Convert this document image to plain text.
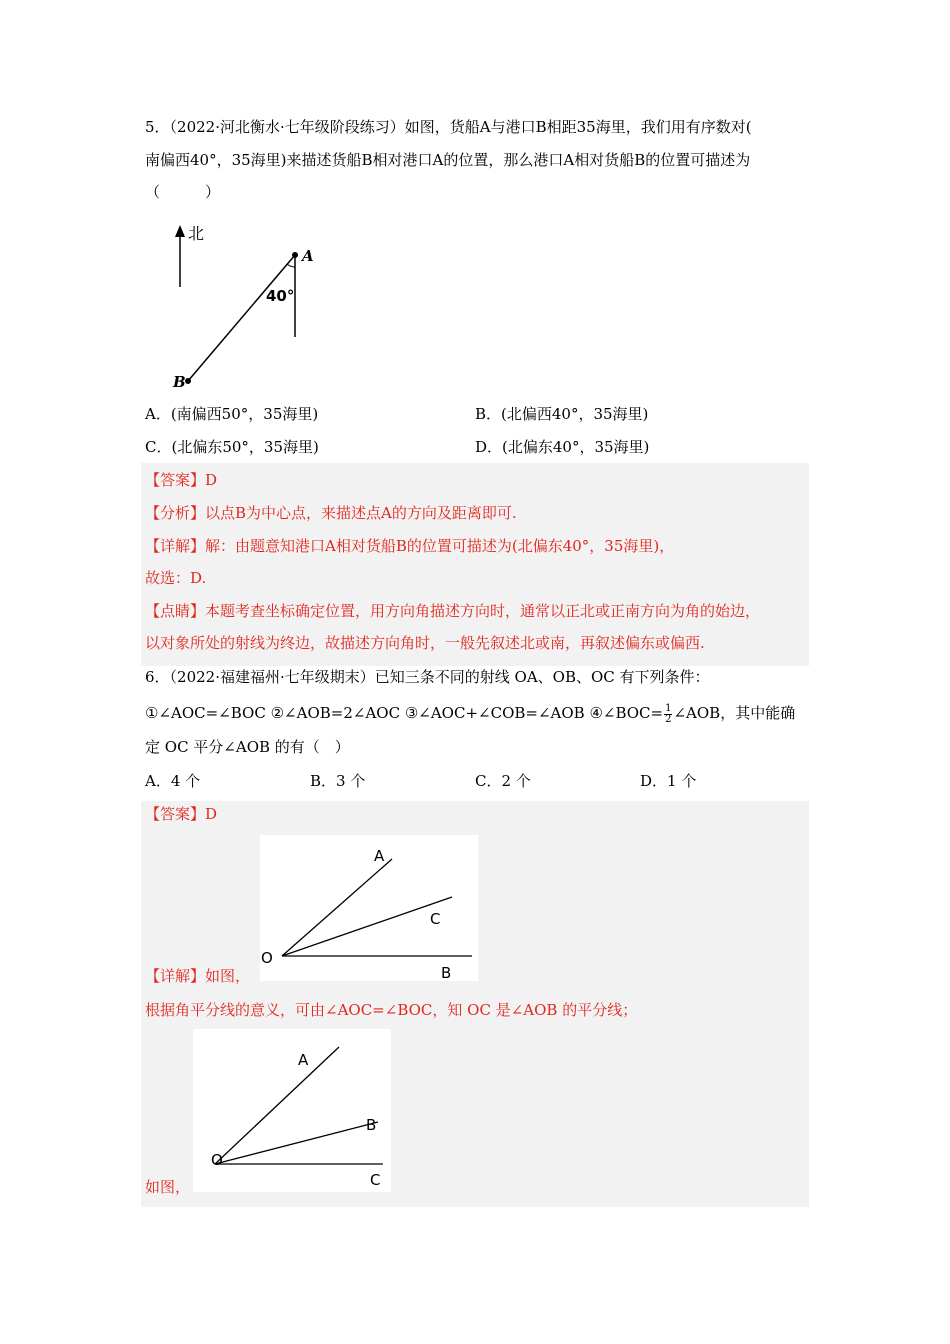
5．（2022·河北衡水·七年级阶段练习）如图，货船A与港口B相距35海里，我们用有序数对(
南偏西40°，35海里)来描述货船B相对港口A的位置，那么港口A相对货船B的位置可描述为
（　　　）
北
A
B
40°
A．(南偏西50°，35海里)	B．(北偏西40°，35海里)
C．(北偏东50°，35海里)	D．(北偏东40°，35海里)
【答案】D
【分析】以点B为中心点，来描述点A的方向及距离即可.
【详解】解：由题意知港口A相对货船B的位置可描述为(北偏东40°，35海里)，
故选：D.
【点睛】本题考查坐标确定位置，用方向角描述方向时，通常以正北或正南方向为角的始边，
以对象所处的射线为终边，故描述方向角时，一般先叙述北或南，再叙述偏东或偏西.
6．（2022·福建福州·七年级期末）已知三条不同的射线 OA、OB、OC 有下列条件：
①∠AOC=∠BOC ②∠AOB=2∠AOC ③∠AOC+∠COB=∠AOB ④∠BOC= $\frac{1}{2}$ ∠AOB，其中能确
定 OC 平分∠AOB 的有（　）
A．4 个	B．3 个	C．2 个	D．1 个
【答案】D
A
C
B
O
【详解】如图，
根据角平分线的意义，可由∠AOC=∠BOC，知 OC 是∠AOB 的平分线；
A
B
C
O
如图，
